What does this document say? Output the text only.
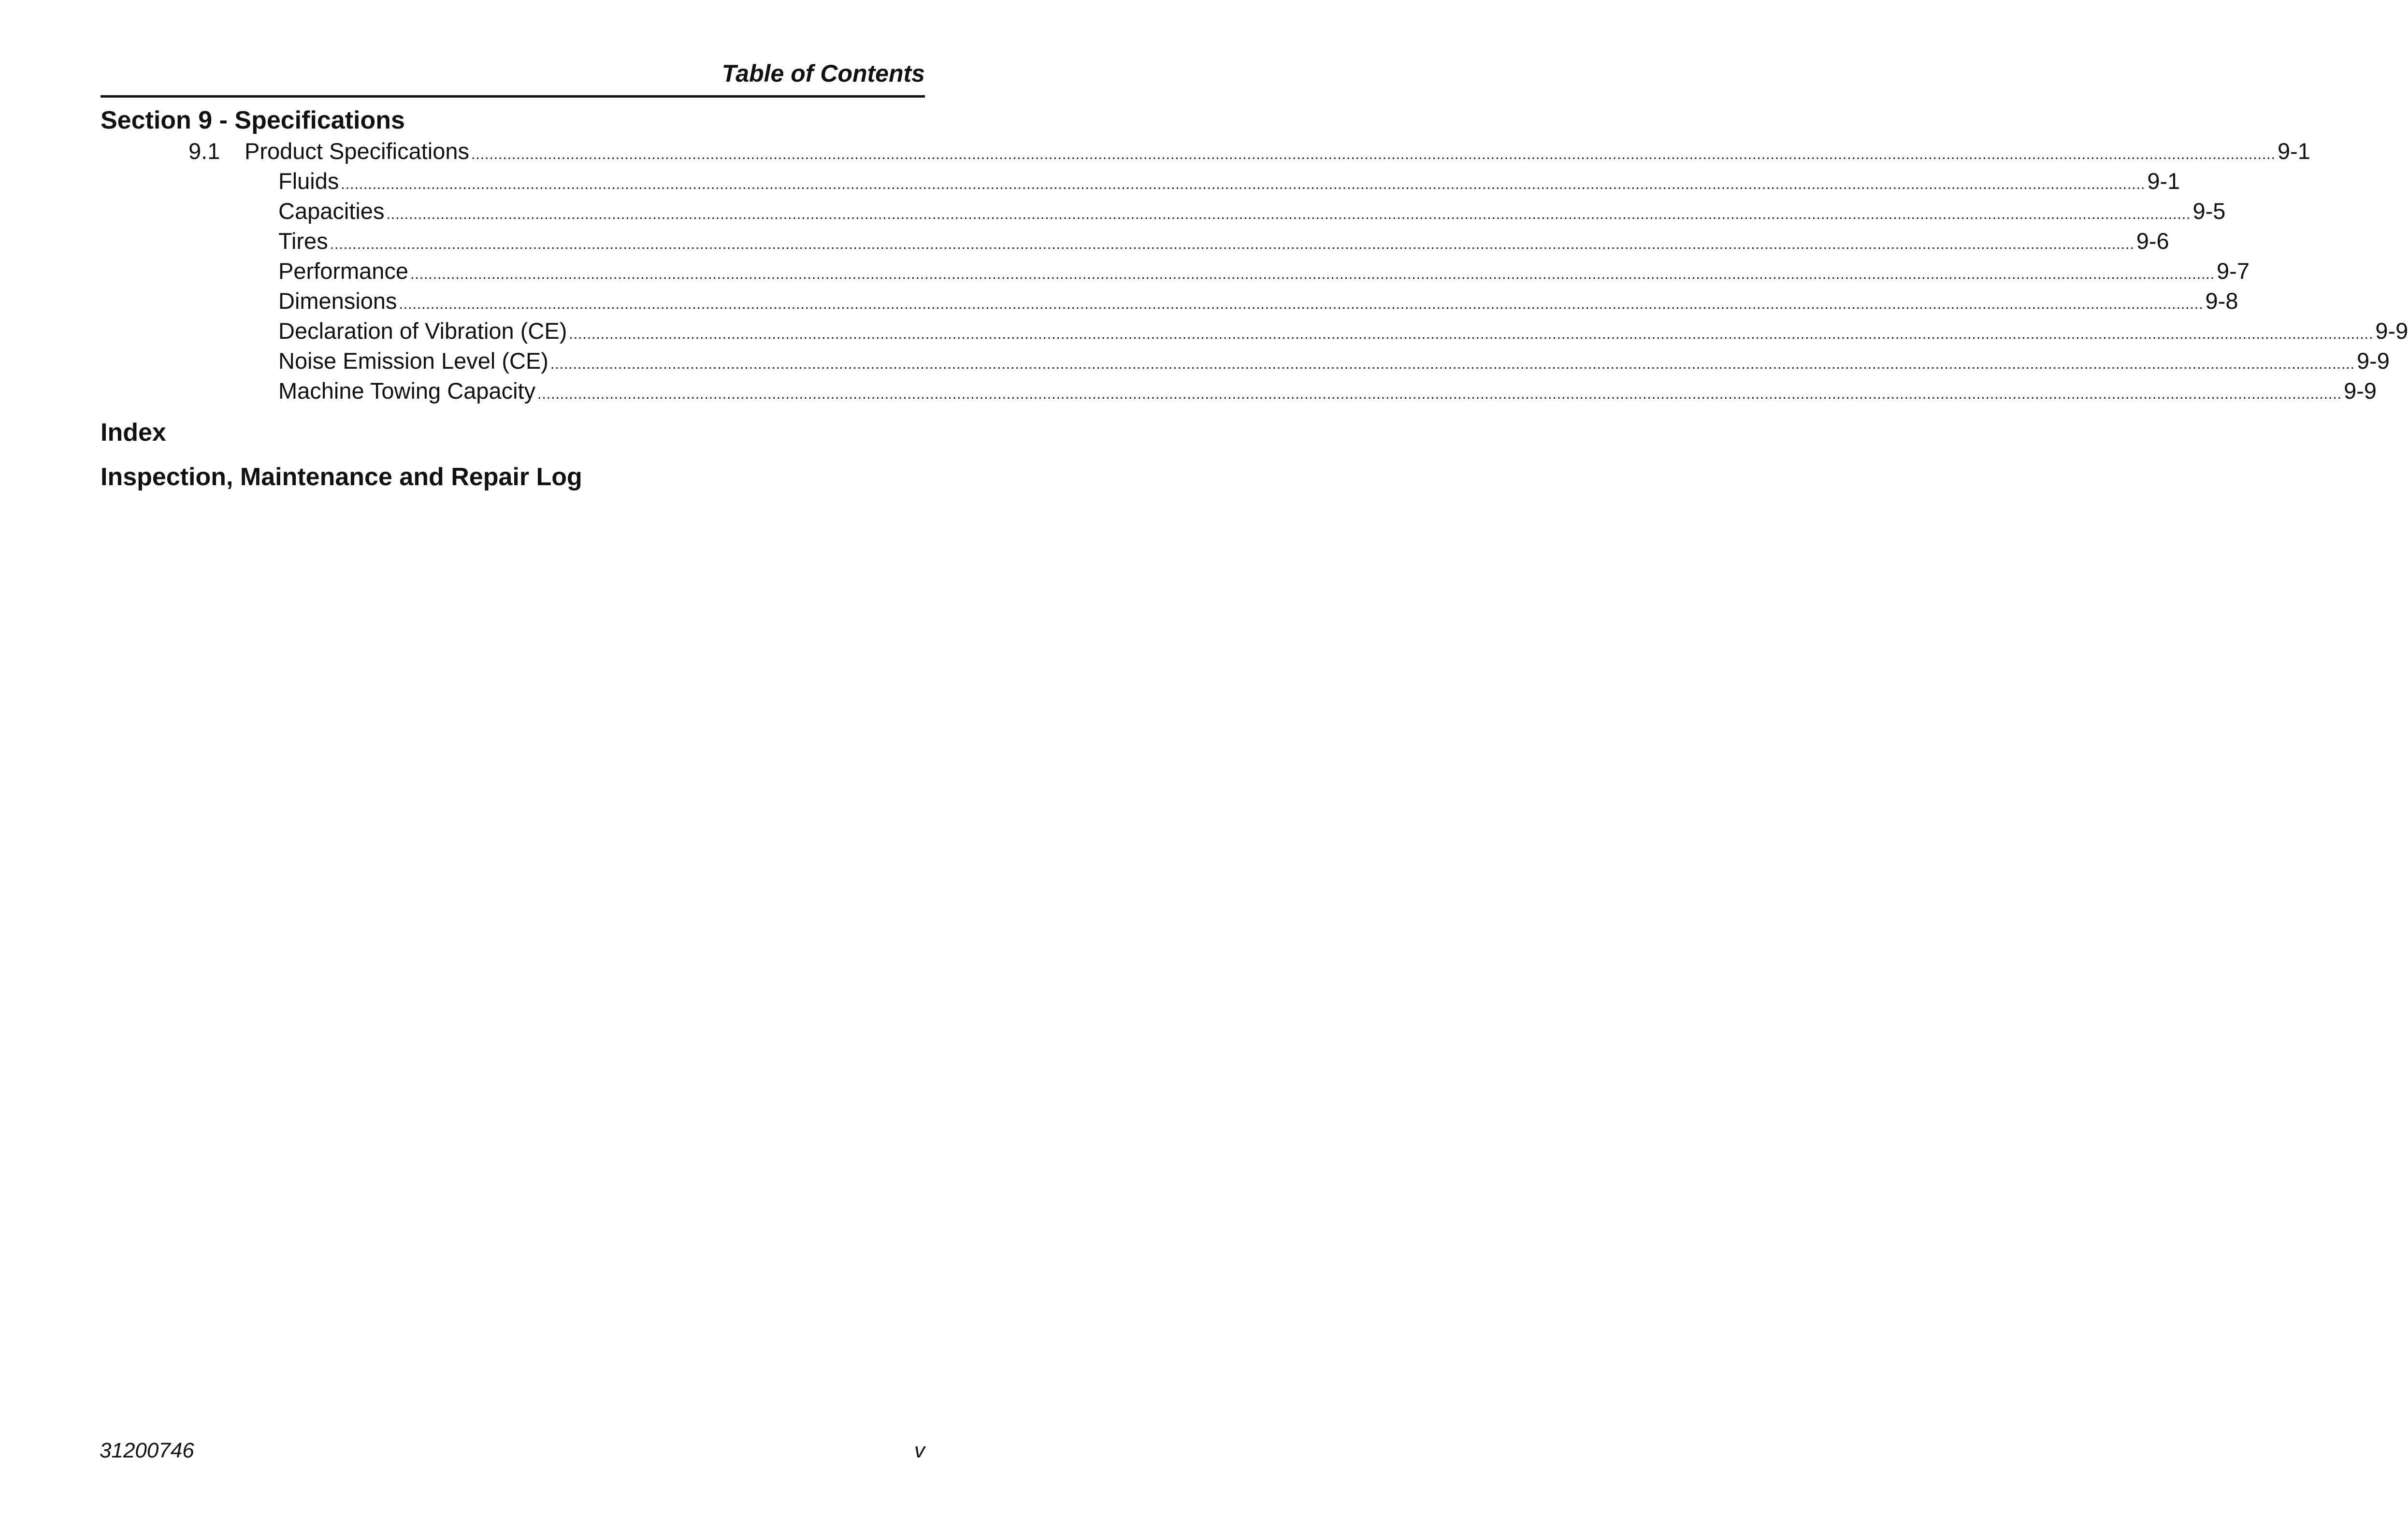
Table of Contents
Section 9 - Specifications
9.1 Product Specifications ................................................................................................................................................................................................................................................................................................................................................................................................................ 9-1
Fluids ................................................................................................................................................................................................................................................................................................................................................................................................................ 9-1
Capacities ................................................................................................................................................................................................................................................................................................................................................................................................................ 9-5
Tires ................................................................................................................................................................................................................................................................................................................................................................................................................ 9-6
Performance ................................................................................................................................................................................................................................................................................................................................................................................................................ 9-7
Dimensions ................................................................................................................................................................................................................................................................................................................................................................................................................ 9-8
Declaration of Vibration (CE) ................................................................................................................................................................................................................................................................................................................................................................................................................ 9-9
Noise Emission Level (CE) ................................................................................................................................................................................................................................................................................................................................................................................................................ 9-9
Machine Towing Capacity ................................................................................................................................................................................................................................................................................................................................................................................................................ 9-9
Index
Inspection, Maintenance and Repair Log
31200746	v
